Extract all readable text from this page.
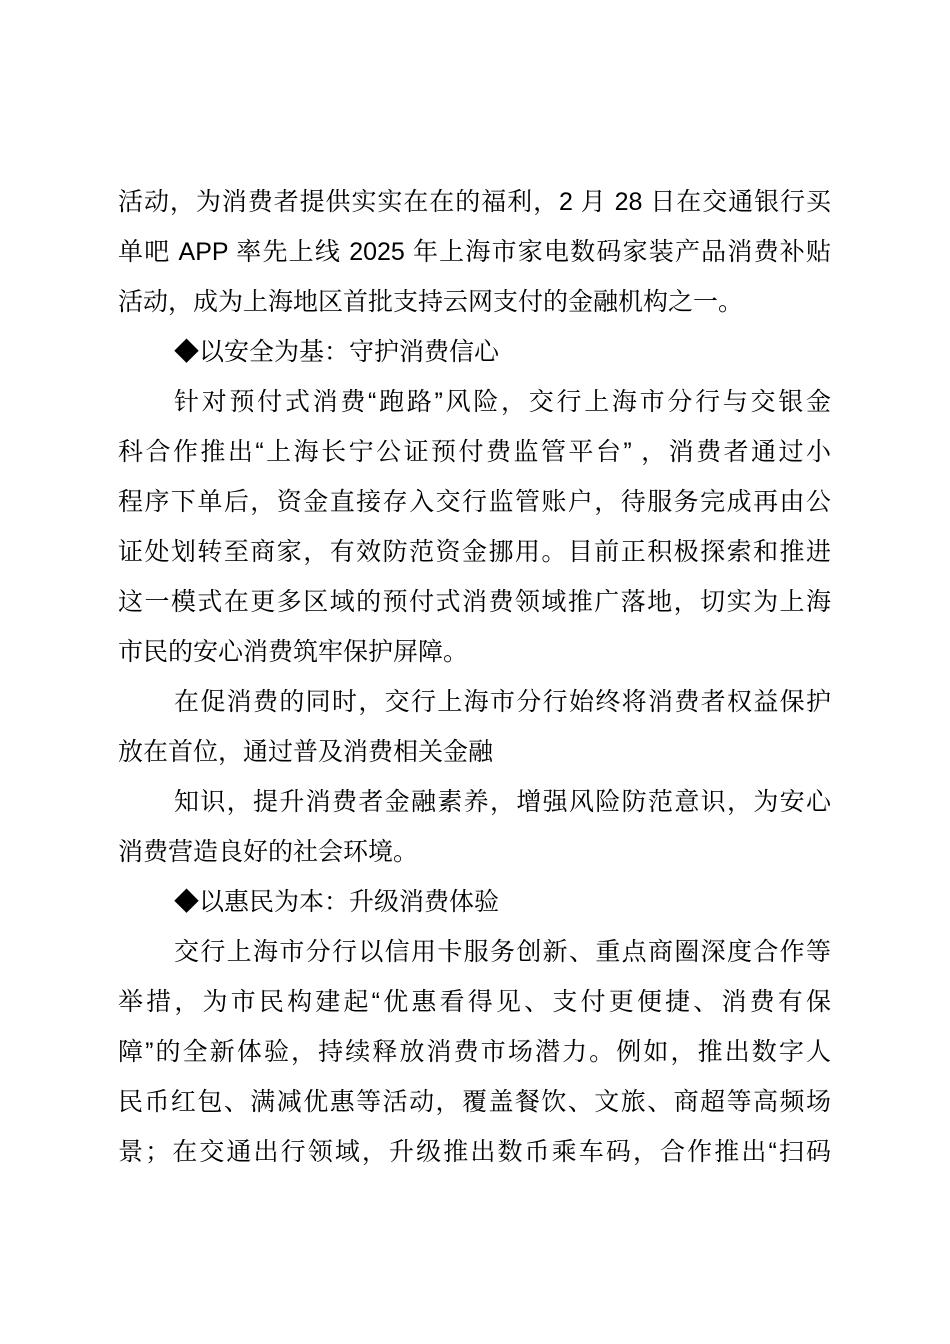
活动，为消费者提供实实在在的福利，2 月 28 日在交通银行买
单吧 APP 率先上线 2025 年上海市家电数码家装产品消费补贴
活动，成为上海地区首批支持云网支付的金融机构之一。
◆以安全为基：守护消费信心
针对预付式消费“跑路”风险，交行上海市分行与交银金
科合作推出“上海长宁公证预付费监管平台” ，消费者通过小
程序下单后，资金直接存入交行监管账户，待服务完成再由公
证处划转至商家，有效防范资金挪用。目前正积极探索和推进
这一模式在更多区域的预付式消费领域推广落地，切实为上海
市民的安心消费筑牢保护屏障。
在促消费的同时，交行上海市分行始终将消费者权益保护
放在首位，通过普及消费相关金融
知识，提升消费者金融素养，增强风险防范意识，为安心
消费营造良好的社会环境。
◆以惠民为本：升级消费体验
交行上海市分行以信用卡服务创新、重点商圈深度合作等
举措，为市民构建起“优惠看得见、支付更便捷、消费有保
障”的全新体验，持续释放消费市场潜力。例如，推出数字人
民币红包、满减优惠等活动，覆盖餐饮、文旅、商超等高频场
景；在交通出行领域，升级推出数币乘车码，合作推出“扫码
